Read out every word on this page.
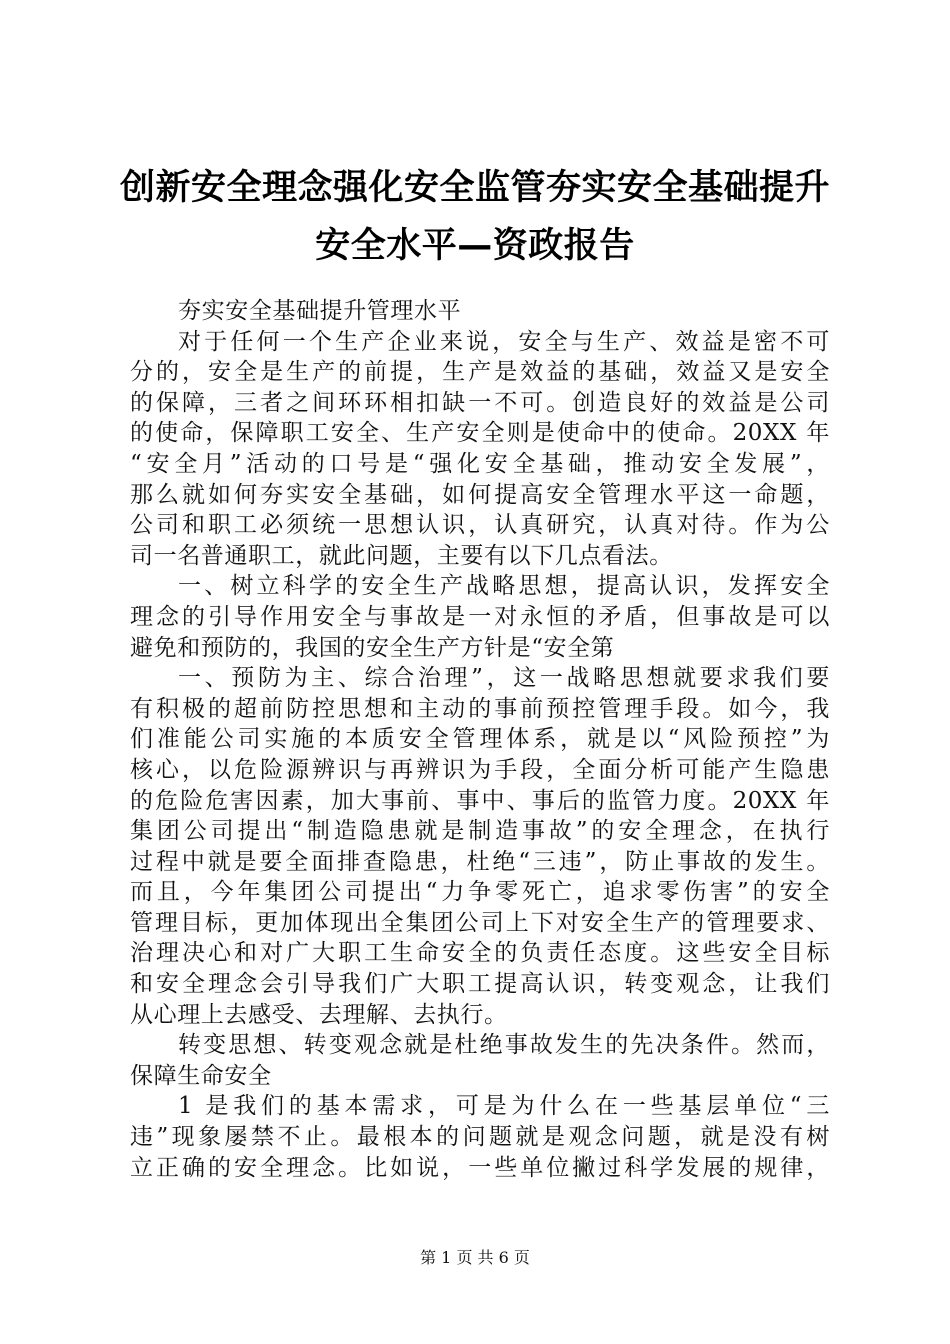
创新安全理念强化安全监管夯实安全基础提升
安全水平—资政报告
夯实安全基础提升管理水平
对于任何一个生产企业来说，安全与生产、效益是密不可
分的，安全是生产的前提，生产是效益的基础，效益又是安全
的保障，三者之间环环相扣缺一不可。创造良好的效益是公司
的使命，保障职工安全、生产安全则是使命中的使命。20XX 年
“安全月”活动的口号是“强化安全基础，推动安全发展”，
那么就如何夯实安全基础，如何提高安全管理水平这一命题，
公司和职工必须统一思想认识，认真研究，认真对待。作为公
司一名普通职工，就此问题，主要有以下几点看法。
一、树立科学的安全生产战略思想，提高认识，发挥安全
理念的引导作用安全与事故是一对永恒的矛盾，但事故是可以
避免和预防的，我国的安全生产方针是“安全第
一、预防为主、综合治理”，这一战略思想就要求我们要
有积极的超前防控思想和主动的事前预控管理手段。如今，我
们准能公司实施的本质安全管理体系，就是以“风险预控”为
核心，以危险源辨识与再辨识为手段，全面分析可能产生隐患
的危险危害因素，加大事前、事中、事后的监管力度。20XX 年
集团公司提出“制造隐患就是制造事故”的安全理念，在执行
过程中就是要全面排查隐患，杜绝“三违”，防止事故的发生。
而且，今年集团公司提出“力争零死亡，追求零伤害”的安全
管理目标，更加体现出全集团公司上下对安全生产的管理要求、
治理决心和对广大职工生命安全的负责任态度。这些安全目标
和安全理念会引导我们广大职工提高认识，转变观念，让我们
从心理上去感受、去理解、去执行。
转变思想、转变观念就是杜绝事故发生的先决条件。然而，
保障生命安全
1 是我们的基本需求，可是为什么在一些基层单位“三
违”现象屡禁不止。最根本的问题就是观念问题，就是没有树
立正确的安全理念。比如说，一些单位撇过科学发展的规律，
第 1 页 共 6 页
